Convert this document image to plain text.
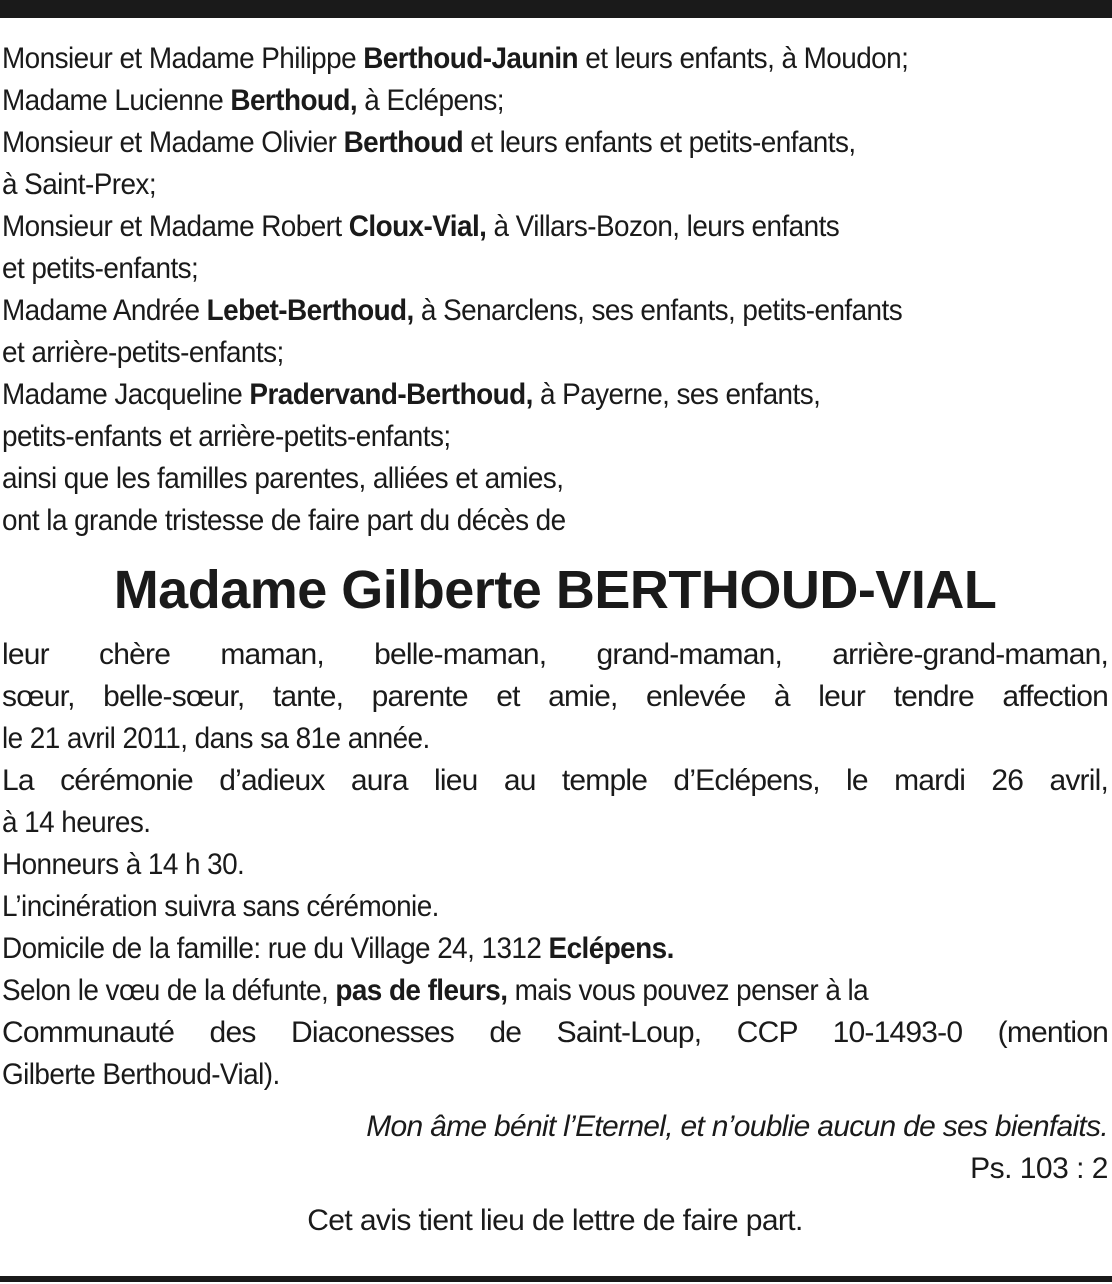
Monsieur et Madame Philippe Berthoud-Jaunin et leurs enfants, à Moudon;
Madame Lucienne Berthoud, à Eclépens;
Monsieur et Madame Olivier Berthoud et leurs enfants et petits-enfants,
à Saint-Prex;
Monsieur et Madame Robert Cloux-Vial, à Villars-Bozon, leurs enfants
et petits-enfants;
Madame Andrée Lebet-Berthoud, à Senarclens, ses enfants, petits-enfants
et arrière-petits-enfants;
Madame Jacqueline Pradervand-Berthoud, à Payerne, ses enfants,
petits-enfants et arrière-petits-enfants;
ainsi que les familles parentes, alliées et amies,
ont la grande tristesse de faire part du décès de
Madame Gilberte BERTHOUD-VIAL
leur chère maman, belle-maman, grand-maman, arrière-grand-maman,
sœur, belle-sœur, tante, parente et amie, enlevée à leur tendre affection
le 21 avril 2011, dans sa 81e année.
La cérémonie d’adieux aura lieu au temple d’Eclépens, le mardi 26 avril,
à 14 heures.
Honneurs à 14 h 30.
L’incinération suivra sans cérémonie.
Domicile de la famille: rue du Village 24, 1312 Eclépens.
Selon le vœu de la défunte, pas de fleurs, mais vous pouvez penser à la
Communauté des Diaconesses de Saint-Loup, CCP 10-1493-0 (mention
Gilberte Berthoud-Vial).
Mon âme bénit l’Eternel, et n’oublie aucun de ses bienfaits.
Ps. 103 : 2
Cet avis tient lieu de lettre de faire part.
